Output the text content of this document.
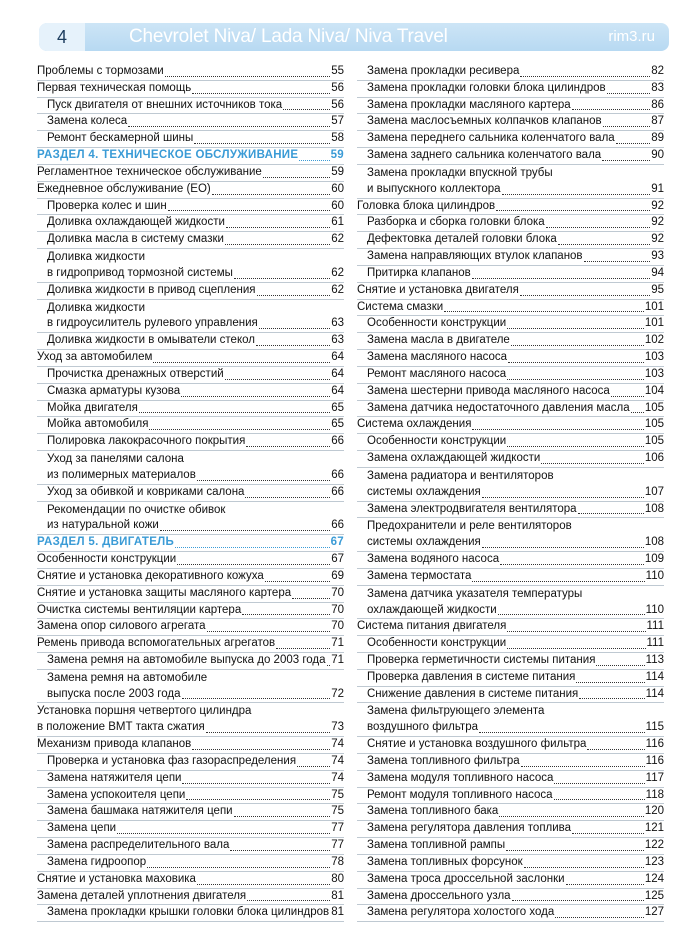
4	Chevrolet Niva/ Lada Niva/ Niva Travel	rim3.ru
Проблемы с тормозами	55
Первая техническая помощь	56
Пуск двигателя от внешних источников тока	56
Замена колеса	57
Ремонт бескамерной шины	58
РАЗДЕЛ 4. ТЕХНИЧЕСКОЕ ОБСЛУЖИВАНИЕ	59
Регламентное техническое обслуживание	59
Ежедневное обслуживание (ЕО)	60
Проверка колес и шин	60
Доливка охлаждающей жидкости	61
Доливка масла в систему смазки	62
Доливка жидкости
в гидропривод тормозной системы	62
Доливка жидкости в привод сцепления	62
Доливка жидкости
в гидроусилитель рулевого управления	63
Доливка жидкости в омыватели стекол	63
Уход за автомобилем	64
Прочистка дренажных отверстий	64
Смазка арматуры кузова	64
Мойка двигателя	65
Мойка автомобиля	65
Полировка лакокрасочного покрытия	66
Уход за панелями салона
из полимерных материалов	66
Уход за обивкой и ковриками салона	66
Рекомендации по очистке обивок
из натуральной кожи	66
РАЗДЕЛ 5. ДВИГАТЕЛЬ	67
Особенности конструкции	67
Снятие и установка декоративного кожуха	69
Снятие и установка защиты масляного картера	70
Очистка системы вентиляции картера	70
Замена опор силового агрегата	70
Ремень привода вспомогательных агрегатов	71
Замена ремня на автомобиле выпуска до 2003 года 71
Замена ремня на автомобиле
выпуска после 2003 года	72
Установка поршня четвертого цилиндра
в положение ВМТ такта сжатия	73
Механизм привода клапанов	74
Проверка и установка фаз газораспределения	74
Замена натяжителя цепи	74
Замена успокоителя цепи	75
Замена башмака натяжителя цепи	75
Замена цепи	77
Замена распределительного вала	77
Замена гидроопор	78
Снятие и установка маховика	80
Замена деталей уплотнения двигателя	81
Замена прокладки крышки головки блока цилиндров 81
Замена прокладки ресивера	82
Замена прокладки головки блока цилиндров	83
Замена прокладки масляного картера	86
Замена маслосъемных колпачков клапанов	87
Замена переднего сальника коленчатого вала	89
Замена заднего сальника коленчатого вала	90
Замена прокладки впускной трубы
и выпускного коллектора	91
Головка блока цилиндров	92
Разборка и сборка головки блока	92
Дефектовка деталей головки блока	92
Замена направляющих втулок клапанов	93
Притирка клапанов	94
Снятие и установка двигателя	95
Система смазки	101
Особенности конструкции	101
Замена масла в двигателе	102
Замена масляного насоса	103
Ремонт масляного насоса	103
Замена шестерни привода масляного насоса	104
Замена датчика недостаточного давления масла 105
Система охлаждения	105
Особенности конструкции	105
Замена охлаждающей жидкости	106
Замена радиатора и вентиляторов
системы охлаждения	107
Замена электродвигателя вентилятора	108
Предохранители и реле вентиляторов
системы охлаждения	108
Замена водяного насоса	109
Замена термостата	110
Замена датчика указателя температуры
охлаждающей жидкости	110
Система питания двигателя	111
Особенности конструкции	111
Проверка герметичности системы питания	113
Проверка давления в системе питания	114
Снижение давления в системе питания	114
Замена фильтрующего элемента
воздушного фильтра	115
Снятие и установка воздушного фильтра	116
Замена топливного фильтра	116
Замена модуля топливного насоса	117
Ремонт модуля топливного насоса	118
Замена топливного бака	120
Замена регулятора давления топлива	121
Замена топливной рампы	122
Замена топливных форсунок	123
Замена троса дроссельной заслонки	124
Замена дроссельного узла	125
Замена регулятора холостого хода	127
